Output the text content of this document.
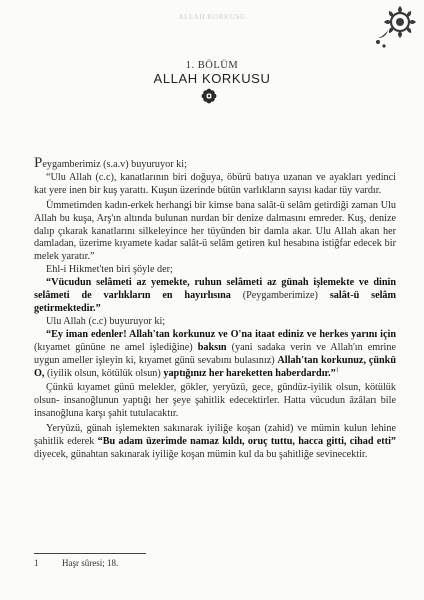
ALLAH KORKUSU
1. BÖLÜM
ALLAH KORKUSU

Peygamberimiz (s.a.v) buyuruyor ki;

“Ulu Allah (c.c), kanatlarının biri doğuya, öbürü batıya uzanan ve ayakları yedinci kat yere inen bir kuş yarattı. Kuşun üzerinde bütün varlıkların sayısı kadar tüy vardır.

Ümmetimden kadın-erkek herhangi bir kimse bana salât-ü selâm getirdiği zaman Ulu Allah bu kuşa, Arş'ın altında bulunan nurdan bir denize dalmasını emreder. Kuş, denize dalıp çıkarak kanatlarını silkeleyince her tüyünden bir damla akar. Ulu Allah akan her damladan, üzerime kıyamete kadar salât-ü selâm getiren kul hesabına istiğfar edecek bir melek yaratır.”

Ehl-i Hikmet'ten biri şöyle der;

“Vücudun selâmeti az yemekte, ruhun selâmeti az günah işlemekte ve dinin selâmeti de varlıkların en hayırlısına (Peygamberimize) salât-ü selâm getirmektedir.”

Ulu Allah (c.c) buyuruyor ki;

“Ey iman edenler! Allah'tan korkunuz ve O'na itaat ediniz ve herkes yarını için (kıyamet gününe ne amel işlediğine) baksın (yani sadaka verin ve Allah'ın emrine uygun ameller işleyin ki, kıyamet günü sevabını bulasınız) Allah'tan korkunuz, çünkü O, (iyilik olsun, kötülük olsun) yaptığınız her hareketten haberdardır.”$^1$

Çünkü kıyamet günü melekler, gökler, yeryüzü, gece, gündüz-iyilik olsun, kötülük olsun- insanoğlunun yaptığı her şeye şahitlik edecektirler. Hatta vücudun âzâları bile insanoğluna karşı şahit tutulacaktır.

Yeryüzü, günah işlemekten sakınarak iyiliğe koşan (zahid) ve mümin kulun lehine şahitlik ederek “Bu adam üzerimde namaz kıldı, oruç tuttu, hacca gitti, cihad etti” diyecek, günahtan sakınarak iyiliğe koşan mümin kul da bu şahitliğe sevinecektir.

1	Haşr sûresi; 18.
